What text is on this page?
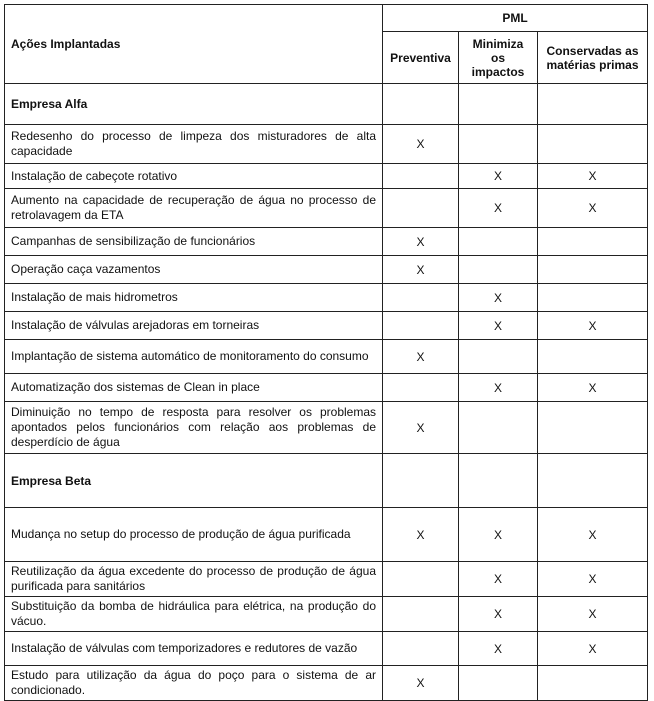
Ações Implantadas	PML		
	Preventiva	Minimiza os impactos	Conservadas as matérias primas
Empresa Alfa			
Redesenho do processo de limpeza dos misturadores de alta capacidade	X		
Instalação de cabeçote rotativo		X	X
Aumento na capacidade de recuperação de água no processo de retrolavagem da ETA		X	X
Campanhas de sensibilização de funcionários	X		
Operação caça vazamentos	X		
Instalação de mais hidrometros		X	
Instalação de válvulas arejadoras em torneiras		X	X
Implantação de sistema automático de monitoramento do consumo	X		
Automatização dos sistemas de Clean in place		X	X
Diminuição no tempo de resposta para resolver os problemas apontados pelos funcionários com relação aos problemas de desperdício de água	X		
Empresa Beta			
Mudança no setup do processo de produção de água purificada	X	X	X
Reutilização da água excedente do processo de produção de água purificada para sanitários		X	X
Substituição da bomba de hidráulica para elétrica, na produção do vácuo.		X	X
Instalação de válvulas com temporizadores e redutores de vazão		X	X
Estudo para utilização da água do poço para o sistema de ar condicionado.	X		
